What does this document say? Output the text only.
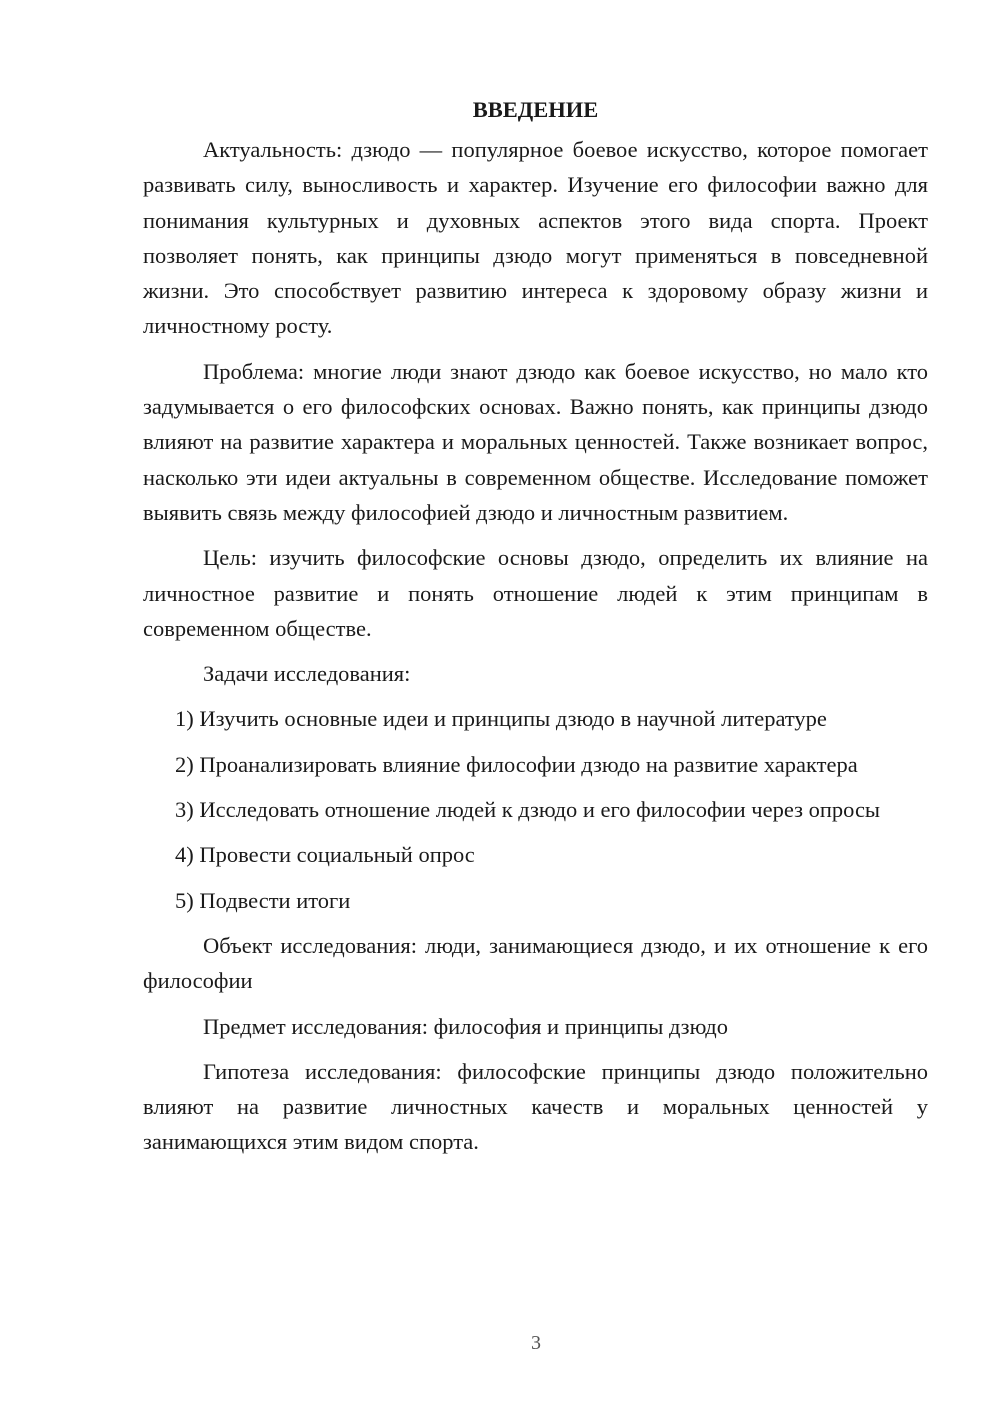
ВВЕДЕНИЕ

Актуальность: дзюдо — популярное боевое искусство, которое помогает развивать силу, выносливость и характер. Изучение его философии важно для понимания культурных и духовных аспектов этого вида спорта. Проект позволяет понять, как принципы дзюдо могут применяться в повседневной жизни. Это способствует развитию интереса к здоровому образу жизни и личностному росту.

Проблема: многие люди знают дзюдо как боевое искусство, но мало кто задумывается о его философских основах. Важно понять, как принципы дзюдо влияют на развитие характера и моральных ценностей. Также возникает вопрос, насколько эти идеи актуальны в современном обществе. Исследование поможет выявить связь между философией дзюдо и личностным развитием.

Цель: изучить философские основы дзюдо, определить их влияние на личностное развитие и понять отношение людей к этим принципам в современном обществе.

Задачи исследования:

1) Изучить основные идеи и принципы дзюдо в научной литературе

2) Проанализировать влияние философии дзюдо на развитие характера

3) Исследовать отношение людей к дзюдо и его философии через опросы

4) Провести социальный опрос

5) Подвести итоги

Объект исследования: люди, занимающиеся дзюдо, и их отношение к его философии

Предмет исследования: философия и принципы дзюдо

Гипотеза исследования: философские принципы дзюдо положительно влияют на развитие личностных качеств и моральных ценностей у занимающихся этим видом спорта.

3
